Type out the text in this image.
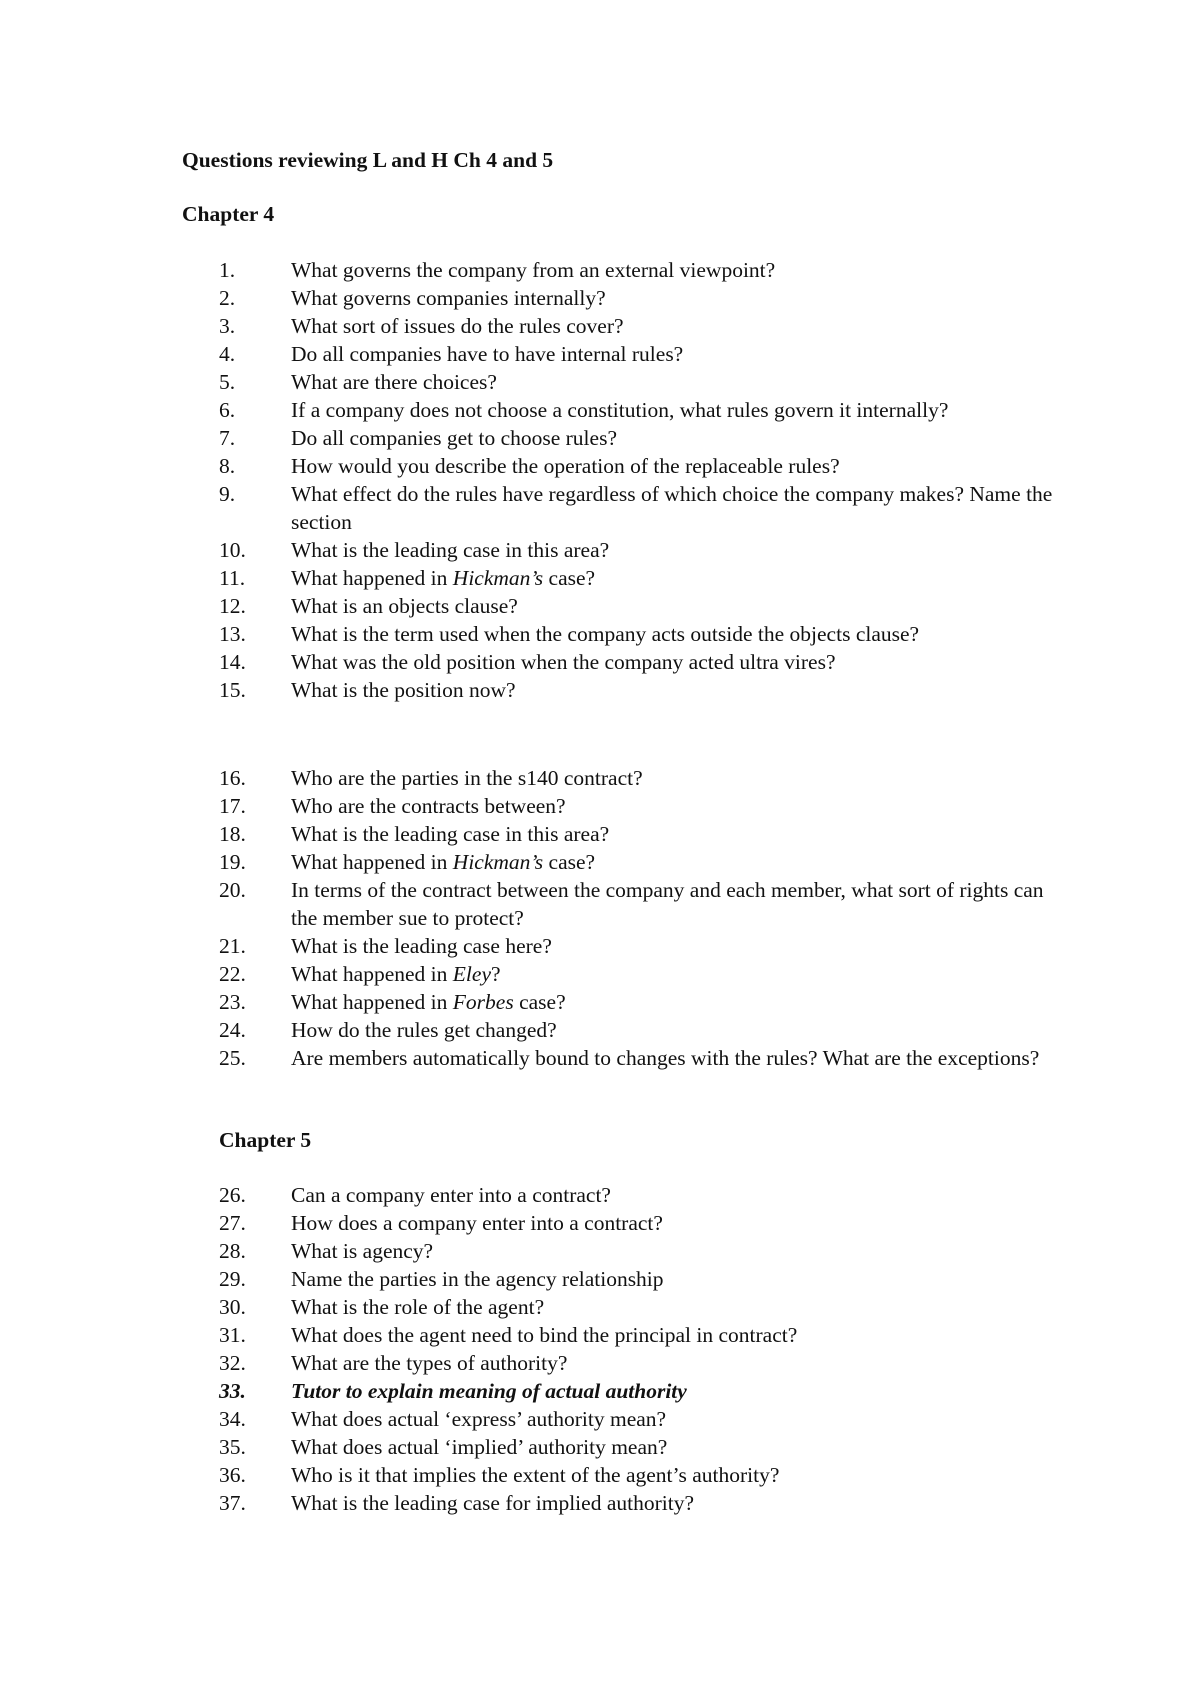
Questions reviewing L and H Ch 4 and 5
Chapter 4
1.	What governs the company from an external viewpoint?
2.	What governs companies internally?
3.	What sort of issues do the rules cover?
4.	Do all companies have to have internal rules?
5.	What are there choices?
6.	If a company does not choose a constitution, what rules govern it internally?
7.	Do all companies get to choose rules?
8.	How would you describe the operation of the replaceable rules?
9.	What effect do the rules have regardless of which choice the company makes? Name the section
10.	What is the leading case in this area?
11.	What happened in Hickman’s case?
12.	What is an objects clause?
13.	What is the term used when the company acts outside the objects clause?
14.	What was the old position when the company acted ultra vires?
15.	What is the position now?
16.	Who are the parties in the s140 contract?
17.	Who are the contracts between?
18.	What is the leading case in this area?
19.	What happened in Hickman’s case?
20.	In terms of the contract between the company and each member, what sort of rights can the member sue to protect?
21.	What is the leading case here?
22.	What happened in Eley?
23.	What happened in Forbes case?
24.	How do the rules get changed?
25.	Are members automatically bound to changes with the rules? What are the exceptions?
Chapter 5
26.	Can a company enter into a contract?
27.	How does a company enter into a contract?
28.	What is agency?
29.	Name the parties in the agency relationship
30.	What is the role of the agent?
31.	What does the agent need to bind the principal in contract?
32.	What are the types of authority?
33.	Tutor to explain meaning of actual authority
34.	What does actual ‘express’ authority mean?
35.	What does actual ‘implied’ authority mean?
36.	Who is it that implies the extent of the agent’s authority?
37.	What is the leading case for implied authority?
